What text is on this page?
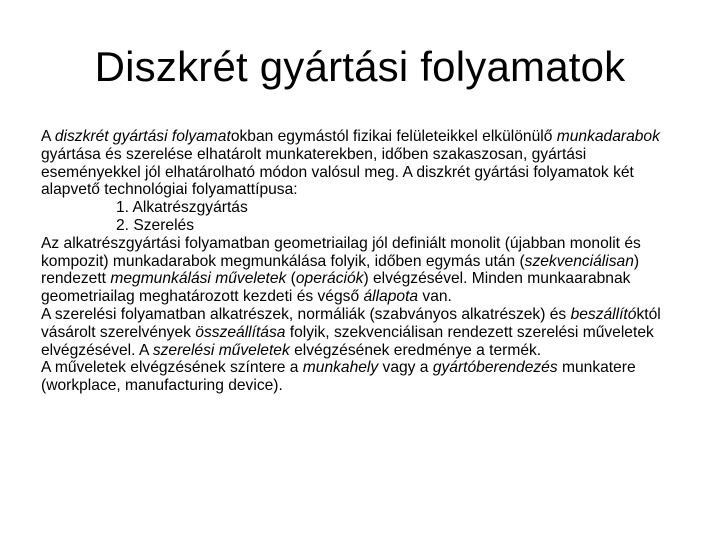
Diszkrét gyártási folyamatok

A diszkrét gyártási folyamatokban egymástól fizikai felületeikkel elkülönülő munkadarabok gyártása és szerelése elhatárolt munkaterekben, időben szakaszosan, gyártási eseményekkel jól elhatárolható módon valósul meg. A diszkrét gyártási folyamatok két alapvető technológiai folyamattípusa:

1. Alkatrészgyártás

2. Szerelés

Az alkatrészgyártási folyamatban geometriailag jól definiált monolit (újabban monolit és kompozit) munkadarabok megmunkálása folyik, időben egymás után (szekvenciálisan) rendezett megmunkálási műveletek (operációk) elvégzésével. Minden munkaarabnak geometriailag meghatározott kezdeti és végső állapota van.

A szerelési folyamatban alkatrészek, normáliák (szabványos alkatrészek) és beszállítóktól vásárolt szerelvények összeállítása folyik, szekvenciálisan rendezett szerelési műveletek elvégzésével. A szerelési műveletek elvégzésének eredménye a termék.

A műveletek elvégzésének színtere a munkahely vagy a gyártóberendezés munkatere (workplace, manufacturing device).
